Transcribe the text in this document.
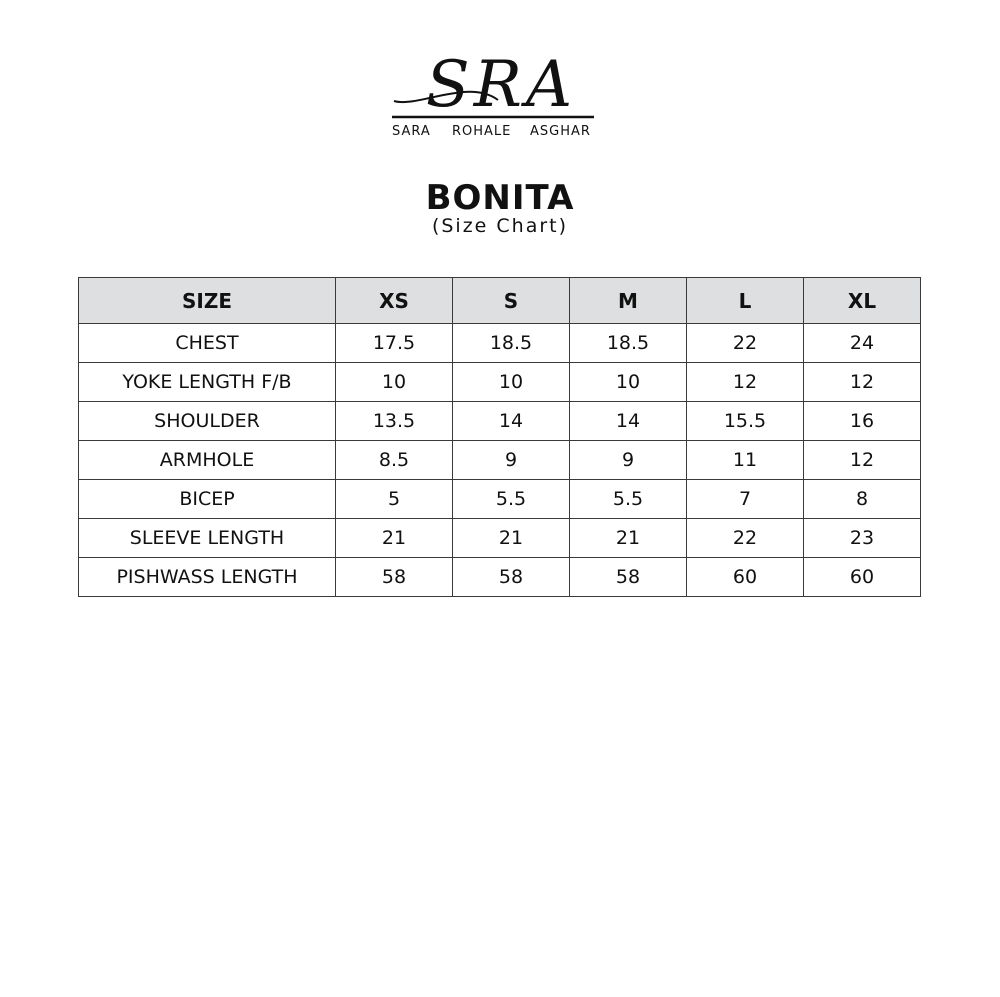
SRA
SARA ROHALE ASGHAR
BONITA

(Size Chart)

SIZE	XS	S	M	L	XL
CHEST	17.5	18.5	18.5	22	24
YOKE LENGTH F/B	10	10	10	12	12
SHOULDER	13.5	14	14	15.5	16
ARMHOLE	8.5	9	9	11	12
BICEP	5	5.5	5.5	7	8
SLEEVE LENGTH	21	21	21	22	23
PISHWASS LENGTH	58	58	58	60	60
